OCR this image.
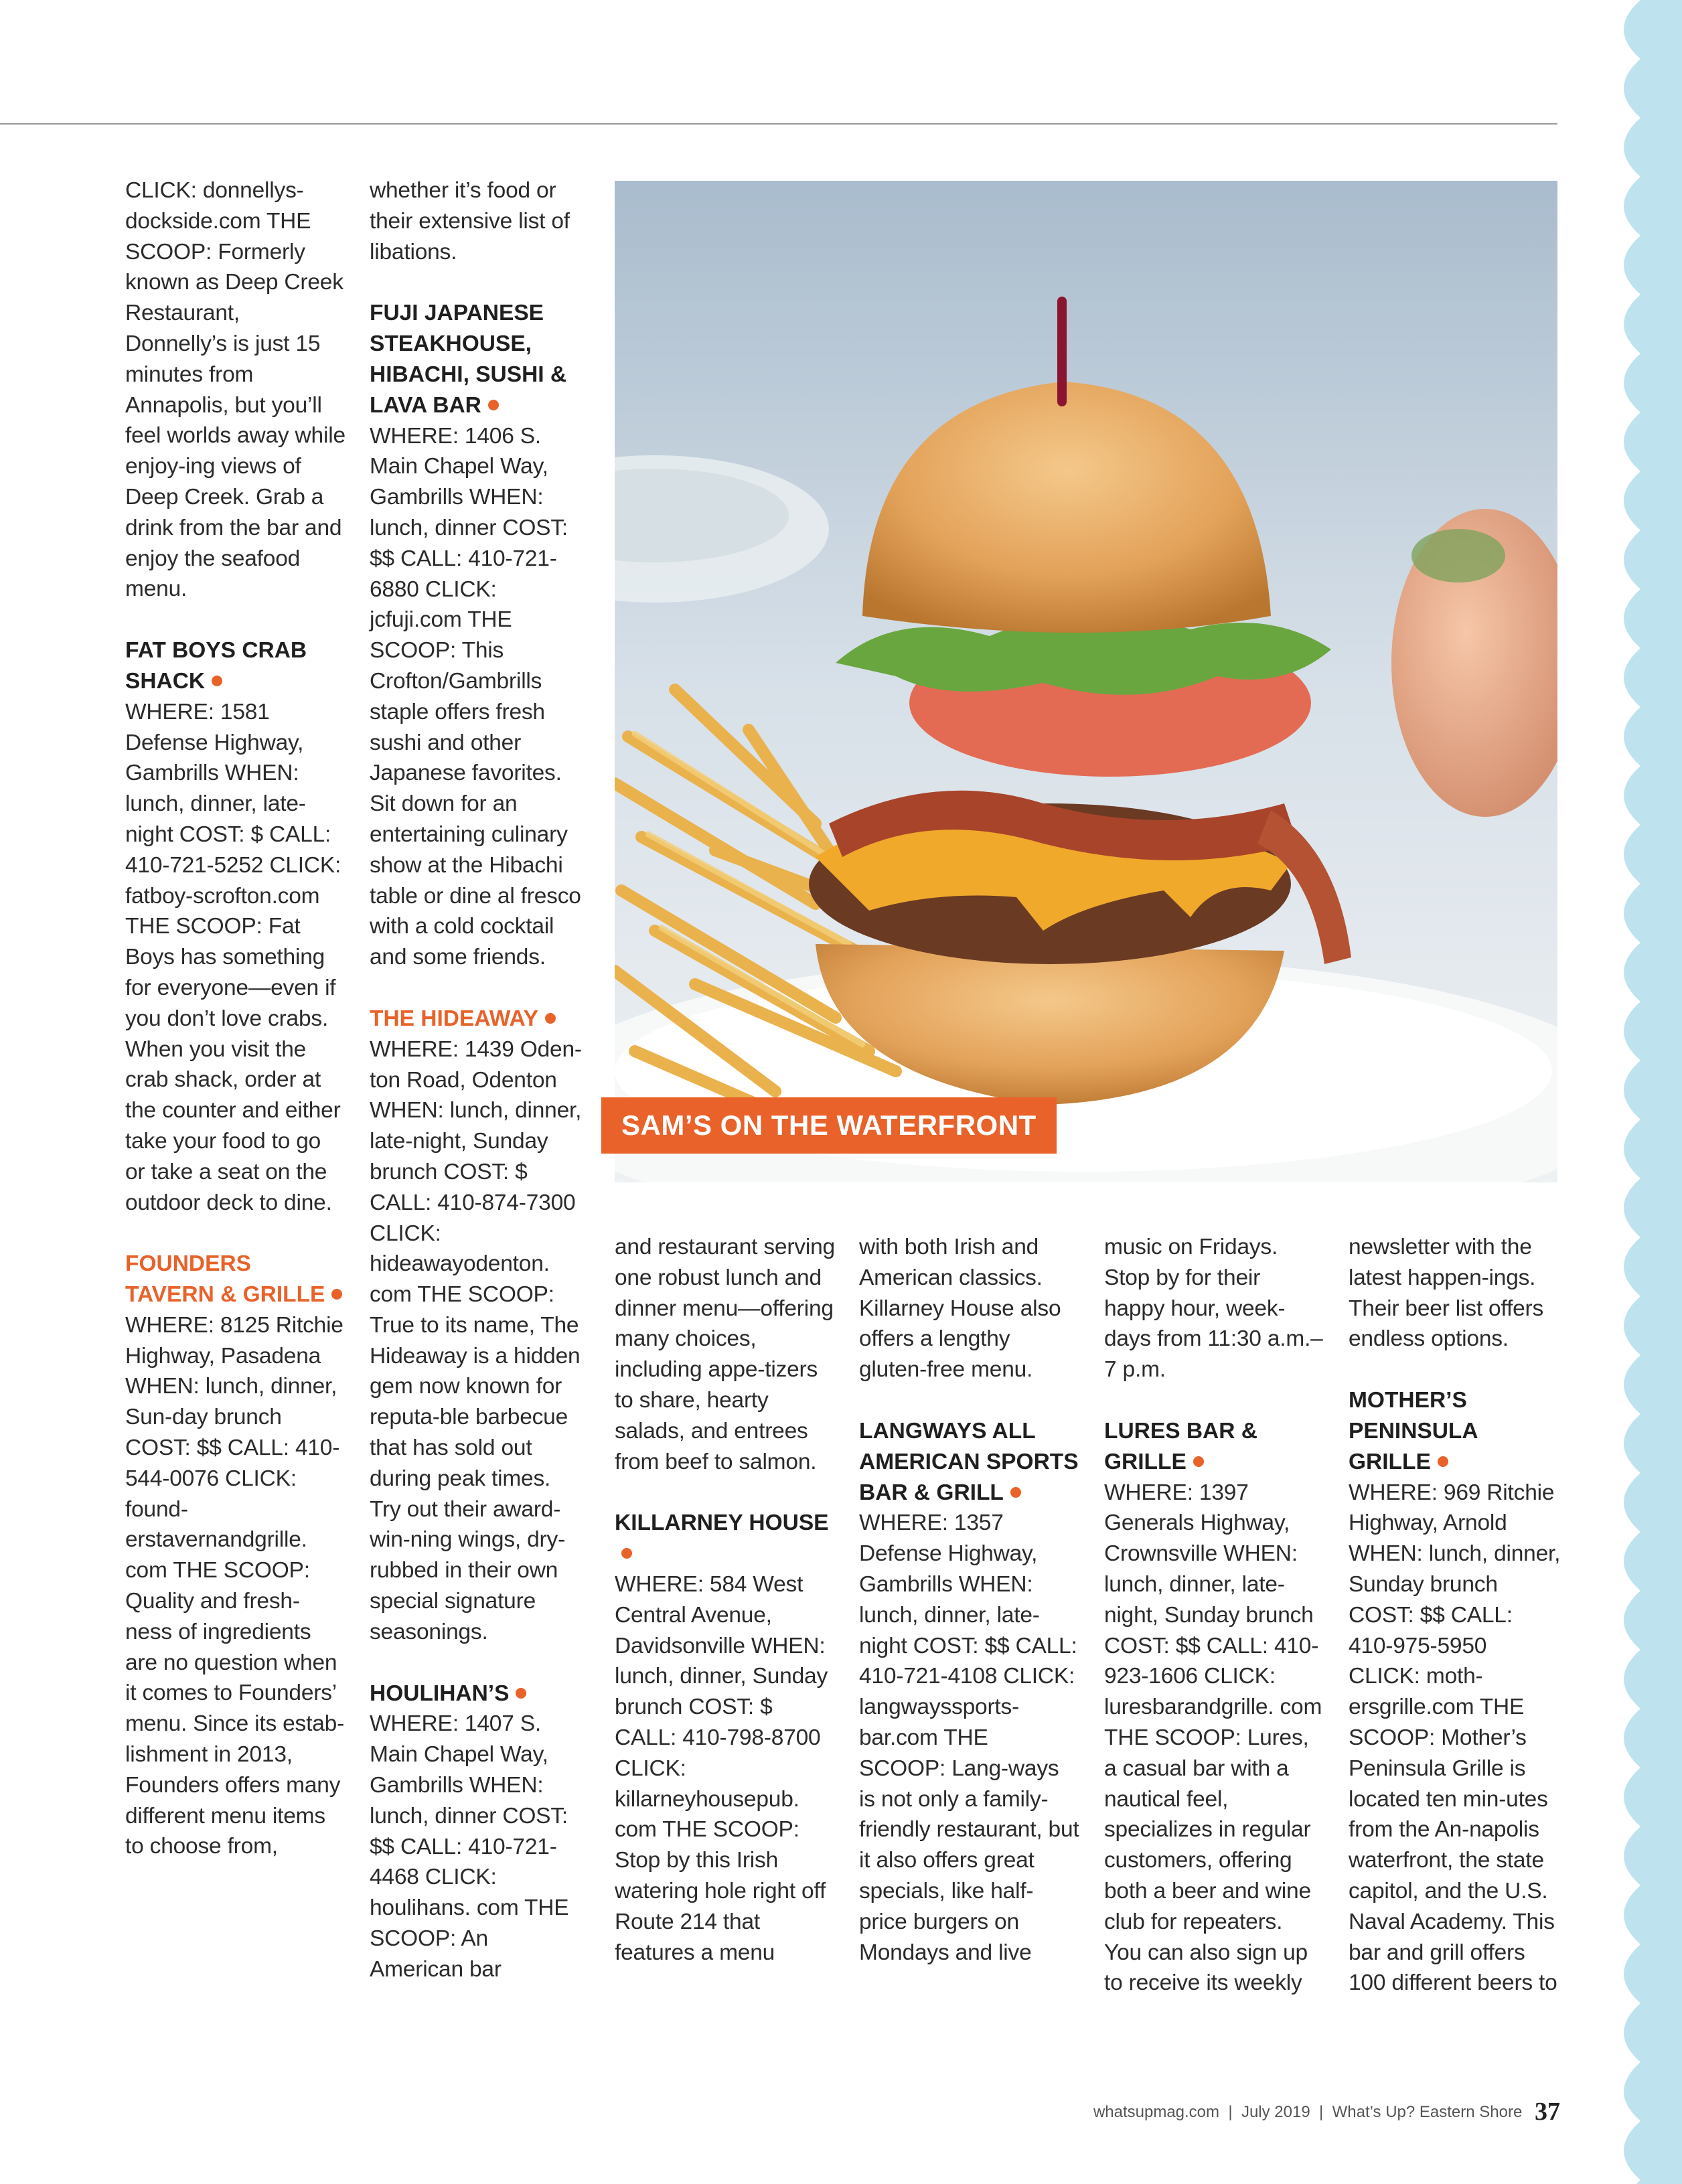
CLICK: donnellys-dockside.com THE SCOOP: Formerly known as Deep Creek Restaurant, Donnelly’s is just 15 minutes from Annapolis, but you’ll feel worlds away while enjoy-ing views of Deep Creek. Grab a drink from the bar and enjoy the seafood menu.

FAT BOYS CRAB SHACK

WHERE: 1581 Defense Highway, Gambrills WHEN: lunch, dinner, late-night COST: $ CALL: 410-721-5252 CLICK: fatboy-scrofton.com THE SCOOP: Fat Boys has something for everyone—even if you don’t love crabs. When you visit the crab shack, order at the counter and either take your food to go or take a seat on the outdoor deck to dine.

FOUNDERS TAVERN & GRILLE

WHERE: 8125 Ritchie Highway, Pasadena WHEN: lunch, dinner, Sun-day brunch COST: $$ CALL: 410-544-0076 CLICK: found-erstavernandgrille. com THE SCOOP: Quality and fresh-ness of ingredients are no question when it comes to Founders’ menu. Since its estab-lishment in 2013, Founders offers many different menu items to choose from,

whether it’s food or their extensive list of libations.

FUJI JAPANESE STEAKHOUSE, HIBACHI, SUSHI & LAVA BAR

WHERE: 1406 S. Main Chapel Way, Gambrills WHEN: lunch, dinner COST: $$ CALL: 410-721-6880 CLICK: jcfuji.com THE SCOOP: This Crofton/Gambrills staple offers fresh sushi and other Japanese favorites. Sit down for an entertaining culinary show at the Hibachi table or dine al fresco with a cold cocktail and some friends.

THE HIDEAWAY

WHERE: 1439 Oden-ton Road, Odenton WHEN: lunch, dinner, late-night, Sunday brunch COST: $ CALL: 410-874-7300 CLICK: hideawayodenton. com THE SCOOP: True to its name, The Hideaway is a hidden gem now known for reputa-ble barbecue that has sold out during peak times. Try out their award-win-ning wings, dry-rubbed in their own special signature seasonings.

HOULIHAN’S

WHERE: 1407 S. Main Chapel Way, Gambrills WHEN: lunch, dinner COST: $$ CALL: 410-721-4468 CLICK: houlihans. com THE SCOOP: An American bar

SAM’S ON THE WATERFRONT

and restaurant serving one robust lunch and dinner menu—offering many choices, including appe-tizers to share, hearty salads, and entrees from beef to salmon.

KILLARNEY HOUSE

WHERE: 584 West Central Avenue, Davidsonville WHEN: lunch, dinner, Sunday brunch COST: $ CALL: 410-798-8700 CLICK: killarneyhousepub. com THE SCOOP: Stop by this Irish watering hole right off Route 214 that features a menu

with both Irish and American classics. Killarney House also offers a lengthy gluten-free menu.

LANGWAYS ALL AMERICAN SPORTS BAR & GRILL

WHERE: 1357 Defense Highway, Gambrills WHEN: lunch, dinner, late-night COST: $$ CALL: 410-721-4108 CLICK: langwayssports-bar.com THE SCOOP: Lang-ways is not only a family-friendly restaurant, but it also offers great specials, like half-price burgers on Mondays and live

music on Fridays. Stop by for their happy hour, week-days from 11:30 a.m.–7 p.m.

LURES BAR & GRILLE

WHERE: 1397 Generals Highway, Crownsville WHEN: lunch, dinner, late-night, Sunday brunch COST: $$ CALL: 410-923-1606 CLICK: luresbarandgrille. com THE SCOOP: Lures, a casual bar with a nautical feel, specializes in regular customers, offering both a beer and wine club for repeaters. You can also sign up to receive its weekly

newsletter with the latest happen-ings. Their beer list offers endless options.

MOTHER’S PENINSULA GRILLE

WHERE: 969 Ritchie Highway, Arnold WHEN: lunch, dinner, Sunday brunch COST: $$ CALL: 410-975-5950 CLICK: moth-ersgrille.com THE SCOOP: Mother’s Peninsula Grille is located ten min-utes from the An-napolis waterfront, the state capitol, and the U.S. Naval Academy. This bar and grill offers 100 different beers to

whatsupmag.com  |  July 2019  |  What’s Up? Eastern Shore 37
